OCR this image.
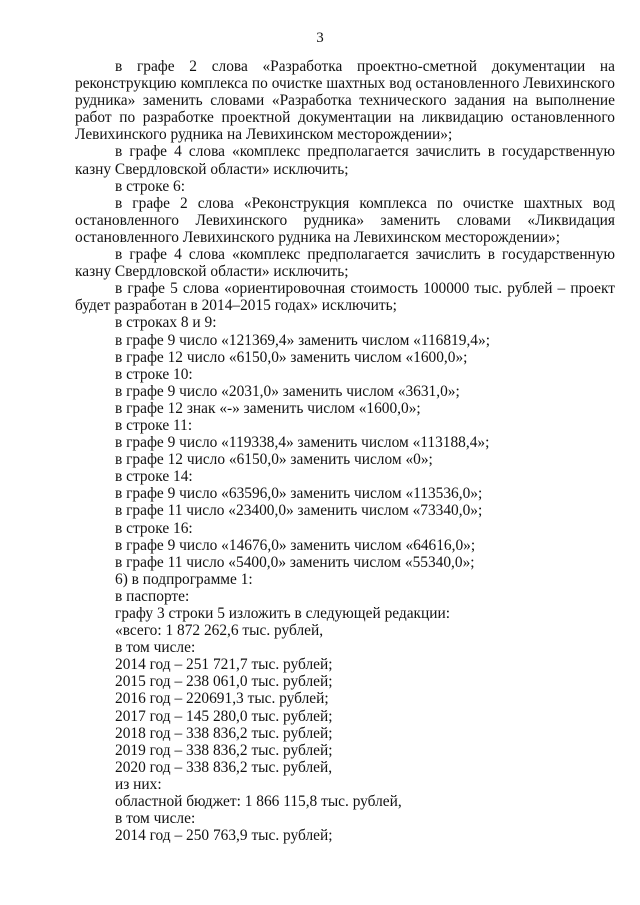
3

в графе 2 слова «Разработка проектно-сметной документации на реконструкцию комплекса по очистке шахтных вод остановленного Левихинского рудника» заменить словами «Разработка технического задания на выполнение работ по разработке проектной документации на ликвидацию остановленного Левихинского рудника на Левихинском месторождении»;

в графе 4 слова «комплекс предполагается зачислить в государственную казну Свердловской области» исключить;

в строке 6:

в графе 2 слова «Реконструкция комплекса по очистке шахтных вод остановленного Левихинского рудника» заменить словами «Ликвидация остановленного Левихинского рудника на Левихинском месторождении»;

в графе 4 слова «комплекс предполагается зачислить в государственную казну Свердловской области» исключить;

в графе 5 слова «ориентировочная стоимость 100000 тыс. рублей – проект будет разработан в 2014–2015 годах» исключить;

в строках 8 и 9:

в графе 9 число «121369,4» заменить числом «116819,4»;

в графе 12 число «6150,0» заменить числом «1600,0»;

в строке 10:

в графе 9 число «2031,0» заменить числом «3631,0»;

в графе 12 знак «-» заменить числом «1600,0»;

в строке 11:

в графе 9 число «119338,4» заменить числом «113188,4»;

в графе 12 число «6150,0» заменить числом «0»;

в строке 14:

в графе 9 число «63596,0» заменить числом «113536,0»;

в графе 11 число «23400,0» заменить числом «73340,0»;

в строке 16:

в графе 9 число «14676,0» заменить числом «64616,0»;

в графе 11 число «5400,0» заменить числом «55340,0»;

6) в подпрограмме 1:

в паспорте:

графу 3 строки 5 изложить в следующей редакции:

«всего: 1 872 262,6 тыс. рублей,

в том числе:

2014 год – 251 721,7 тыс. рублей;

2015 год – 238 061,0 тыс. рублей;

2016 год – 220691,3 тыс. рублей;

2017 год – 145 280,0 тыс. рублей;

2018 год – 338 836,2 тыс. рублей;

2019 год – 338 836,2 тыс. рублей;

2020 год – 338 836,2 тыс. рублей,

из них:

областной бюджет: 1 866 115,8 тыс. рублей,

в том числе:

2014 год – 250 763,9 тыс. рублей;
